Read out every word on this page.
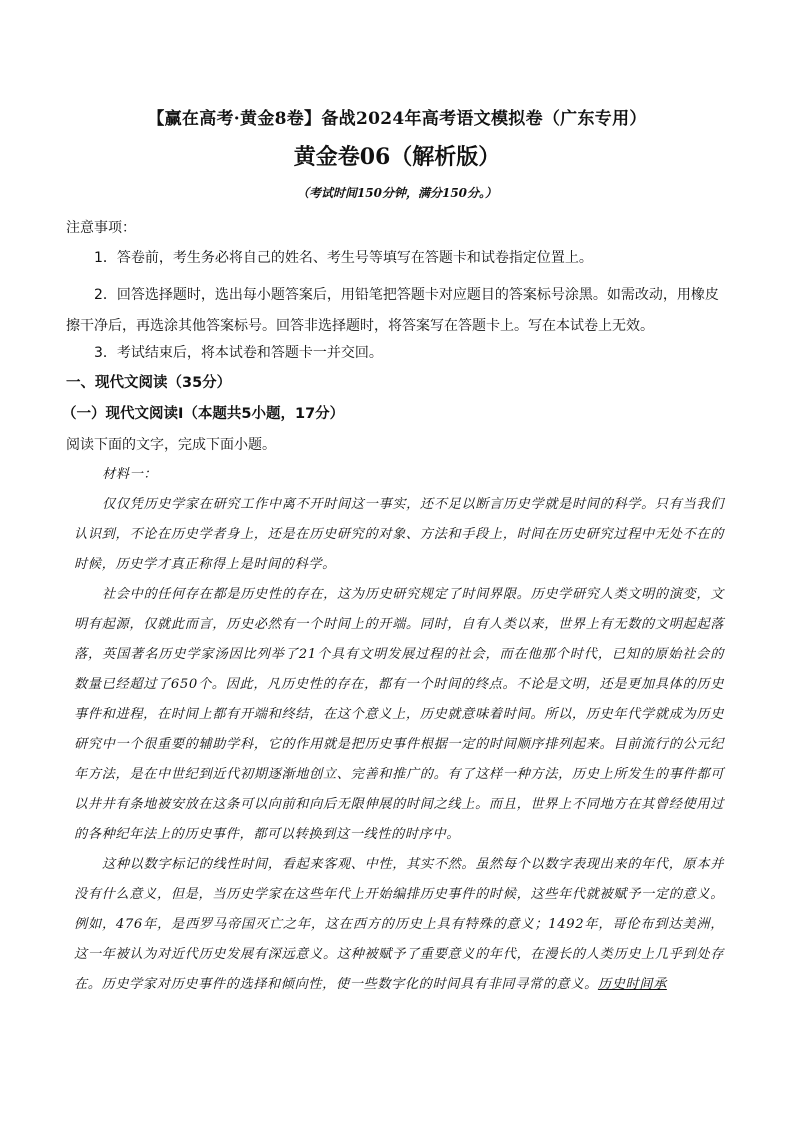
【赢在高考·黄金8卷】备战2024年高考语文模拟卷（广东专用）
黄金卷06（解析版）
（考试时间150分钟，满分150分。）
注意事项：
1．答卷前，考生务必将自己的姓名、考生号等填写在答题卡和试卷指定位置上。
2．回答选择题时，选出每小题答案后，用铅笔把答题卡对应题目的答案标号涂黑。如需改动，用橡皮擦干净后，再选涂其他答案标号。回答非选择题时，将答案写在答题卡上。写在本试卷上无效。
3．考试结束后，将本试卷和答题卡一并交回。
一、现代文阅读（35分）
（一）现代文阅读Ⅰ（本题共5小题，17分）
阅读下面的文字，完成下面小题。

材料一：

仅仅凭历史学家在研究工作中离不开时间这一事实，还不足以断言历史学就是时间的科学。只有当我们认识到，不论在历史学者身上，还是在历史研究的对象、方法和手段上，时间在历史研究过程中无处不在的时候，历史学才真正称得上是时间的科学。

社会中的任何存在都是历史性的存在，这为历史研究规定了时间界限。历史学研究人类文明的演变，文明有起源，仅就此而言，历史必然有一个时间上的开端。同时，自有人类以来，世界上有无数的文明起起落落，英国著名历史学家汤因比列举了21个具有文明发展过程的社会，而在他那个时代，已知的原始社会的数量已经超过了650个。因此，凡历史性的存在，都有一个时间的终点。不论是文明，还是更加具体的历史事件和进程，在时间上都有开端和终结，在这个意义上，历史就意味着时间。所以，历史年代学就成为历史研究中一个很重要的辅助学科，它的作用就是把历史事件根据一定的时间顺序排列起来。目前流行的公元纪年方法，是在中世纪到近代初期逐渐地创立、完善和推广的。有了这样一种方法，历史上所发生的事件都可以井井有条地被安放在这条可以向前和向后无限伸展的时间之线上。而且，世界上不同地方在其曾经使用过的各种纪年法上的历史事件，都可以转换到这一线性的时序中。

这种以数字标记的线性时间，看起来客观、中性，其实不然。虽然每个以数字表现出来的年代，原本并没有什么意义，但是，当历史学家在这些年代上开始编排历史事件的时候，这些年代就被赋予一定的意义。例如，476年，是西罗马帝国灭亡之年，这在西方的历史上具有特殊的意义；1492年，哥伦布到达美洲，这一年被认为对近代历史发展有深远意义。这种被赋予了重要意义的年代，在漫长的人类历史上几乎到处存在。历史学家对历史事件的选择和倾向性，使一些数字化的时间具有非同寻常的意义。历史时间承
